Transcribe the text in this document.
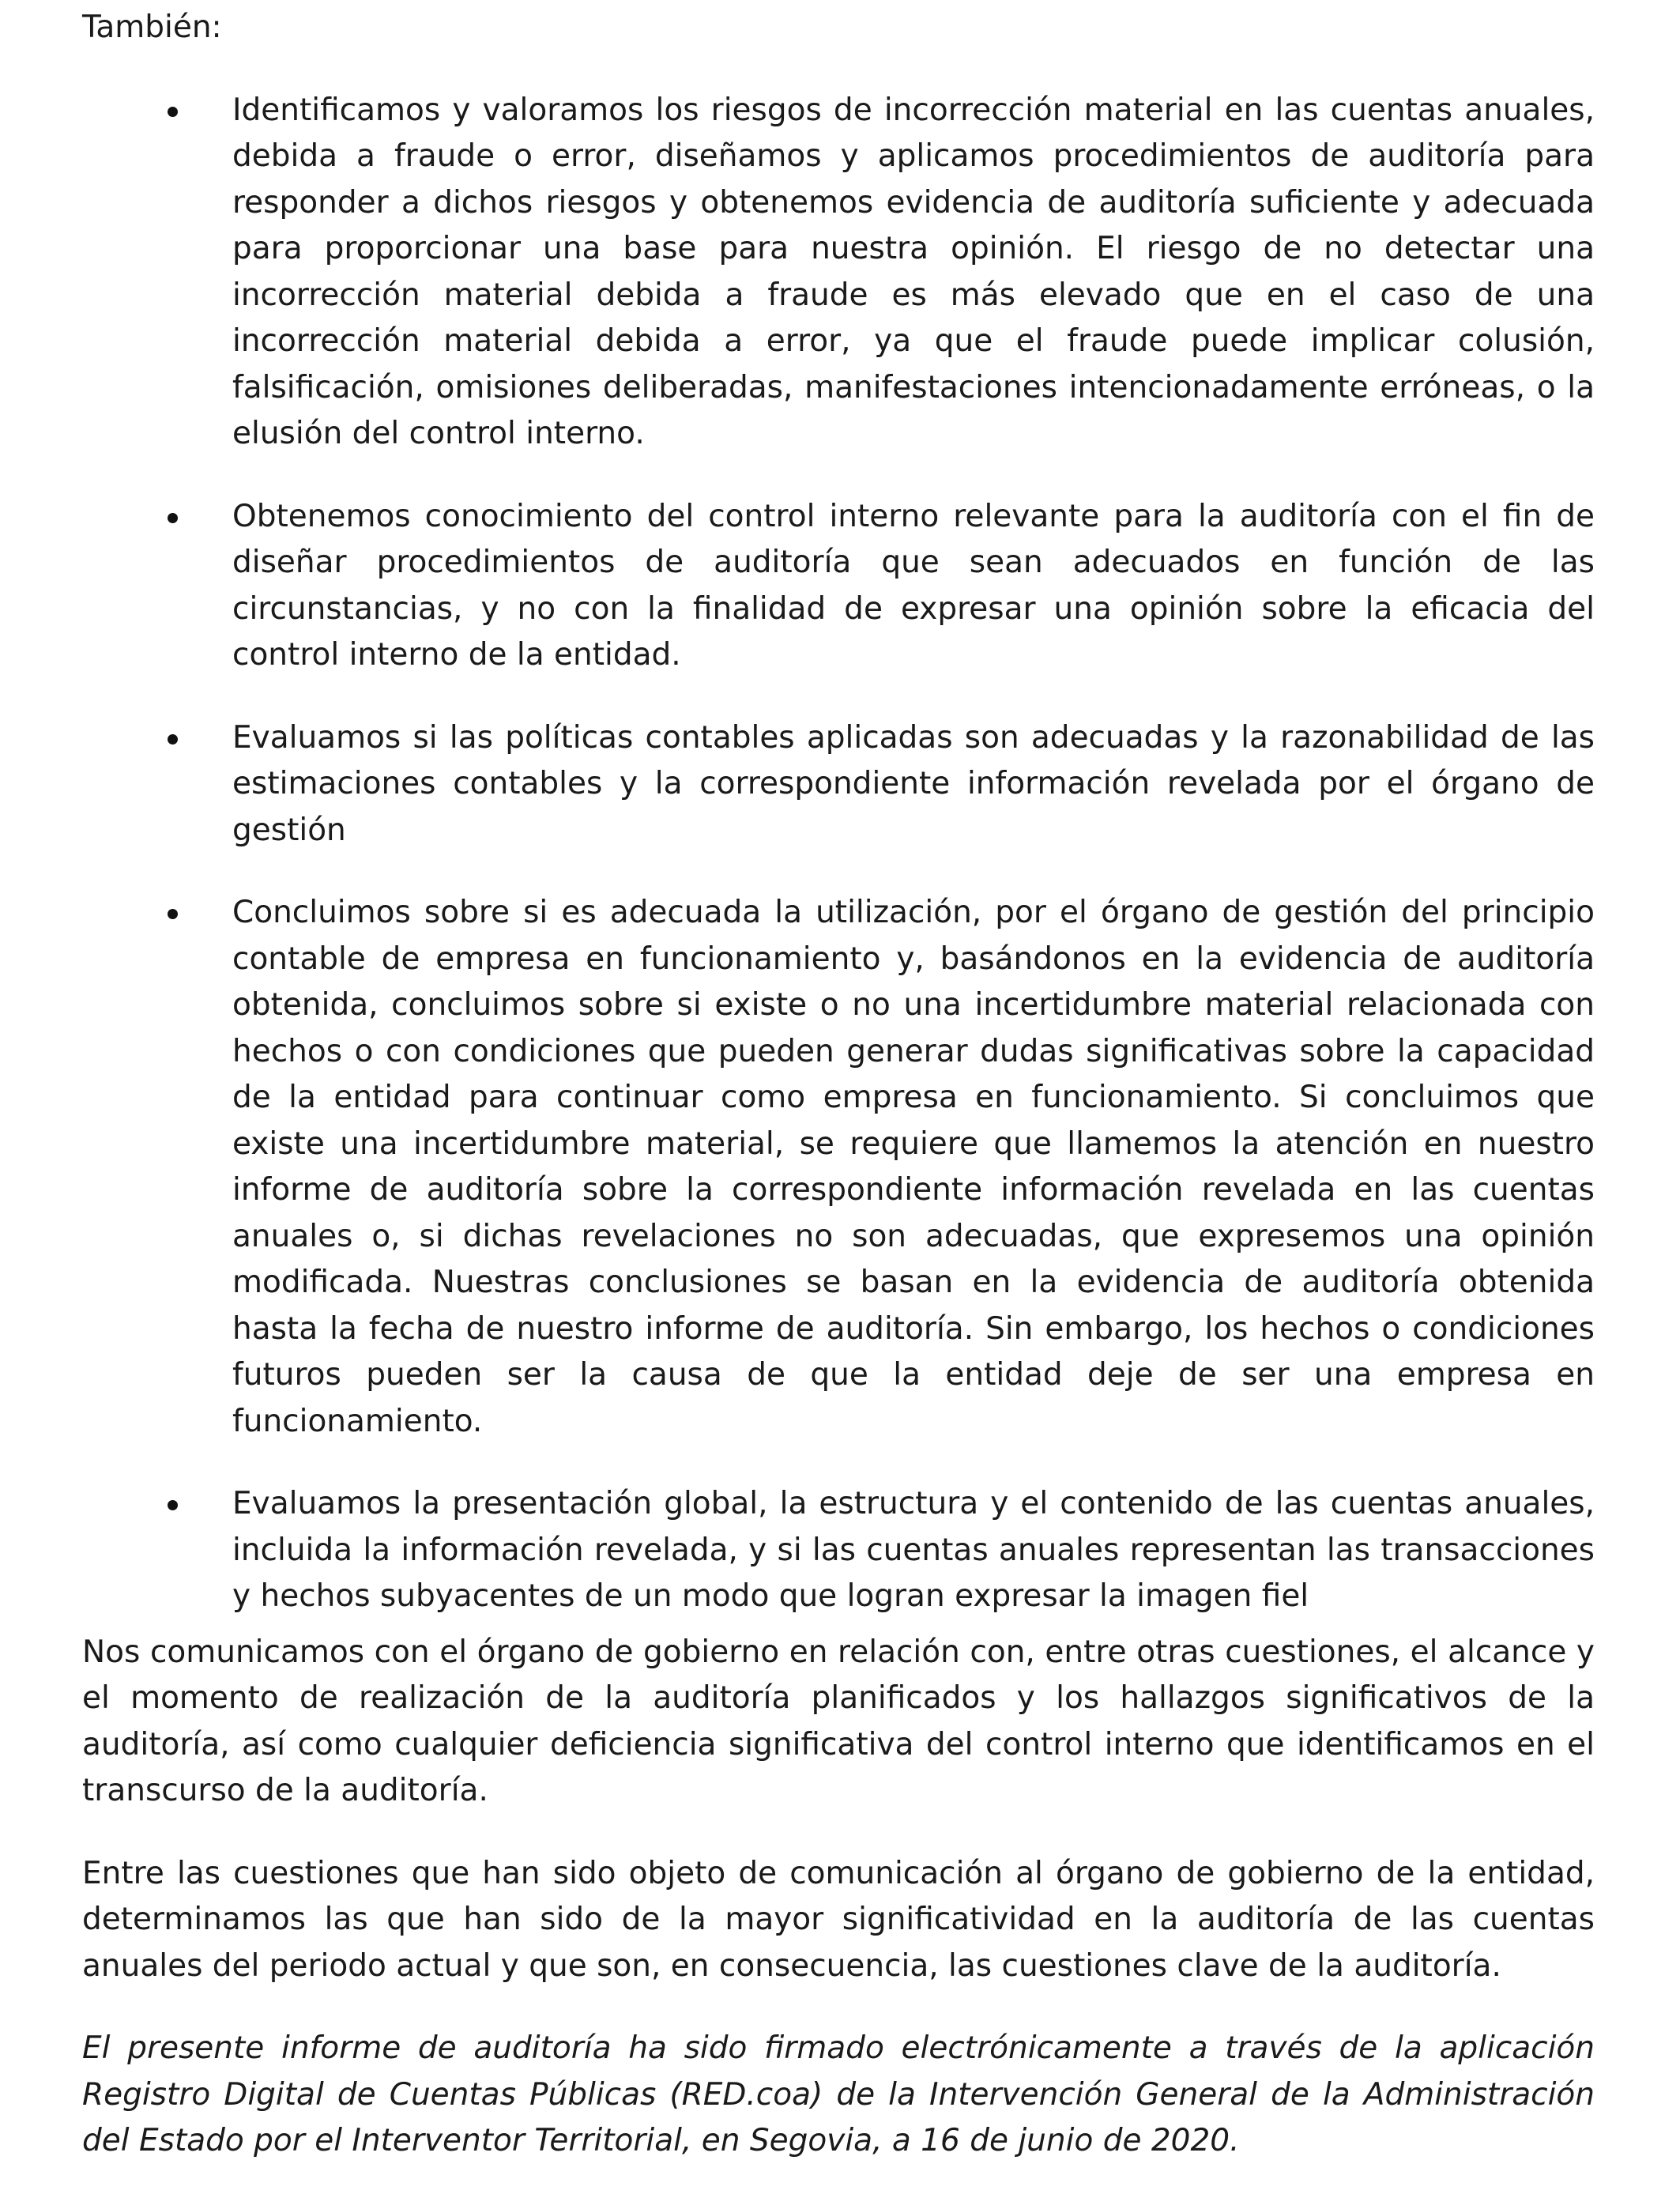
También:

Identificamos y valoramos los riesgos de incorrección material en las cuentas anuales, debida a fraude o error, diseñamos y aplicamos procedimientos de auditoría para responder a dichos riesgos y obtenemos evidencia de auditoría suficiente y adecuada para proporcionar una base para nuestra opinión. El riesgo de no detectar una incorrección material debida a fraude es más elevado que en el caso de una incorrección material debida a error, ya que el fraude puede implicar colusión, falsificación, omisiones deliberadas, manifestaciones intencionadamente erróneas, o la elusión del control interno.
Obtenemos conocimiento del control interno relevante para la auditoría con el fin de diseñar procedimientos de auditoría que sean adecuados en función de las circunstancias, y no con la finalidad de expresar una opinión sobre la eficacia del control interno de la entidad.
Evaluamos si las políticas contables aplicadas son adecuadas y la razonabilidad de las estimaciones contables y la correspondiente información revelada por el órgano de gestión
Concluimos sobre si es adecuada la utilización, por el órgano de gestión del principio contable de empresa en funcionamiento y, basándonos en la evidencia de auditoría obtenida, concluimos sobre si existe o no una incertidumbre material relacionada con hechos o con condiciones que pueden generar dudas significativas sobre la capacidad de la entidad para continuar como empresa en funcionamiento. Si concluimos que existe una incertidumbre material, se requiere que llamemos la atención en nuestro informe de auditoría sobre la correspondiente información revelada en las cuentas anuales o, si dichas revelaciones no son adecuadas, que expresemos una opinión modificada. Nuestras conclusiones se basan en la evidencia de auditoría obtenida hasta la fecha de nuestro informe de auditoría. Sin embargo, los hechos o condiciones futuros pueden ser la causa de que la entidad deje de ser una empresa en funcionamiento.
Evaluamos la presentación global, la estructura y el contenido de las cuentas anuales, incluida la información revelada, y si las cuentas anuales representan las transacciones y hechos subyacentes de un modo que logran expresar la imagen fiel

Nos comunicamos con el órgano de gobierno en relación con, entre otras cuestiones, el alcance y el momento de realización de la auditoría planificados y los hallazgos significativos de la auditoría, así como cualquier deficiencia significativa del control interno que identificamos en el transcurso de la auditoría.

Entre las cuestiones que han sido objeto de comunicación al órgano de gobierno de la entidad, determinamos las que han sido de la mayor significatividad en la auditoría de las cuentas anuales del periodo actual y que son, en consecuencia, las cuestiones clave de la auditoría.

El presente informe de auditoría ha sido firmado electrónicamente a través de la aplicación Registro Digital de Cuentas Públicas (RED.coa) de la Intervención General de la Administración del Estado por el Interventor Territorial, en Segovia, a 16 de junio de 2020.
